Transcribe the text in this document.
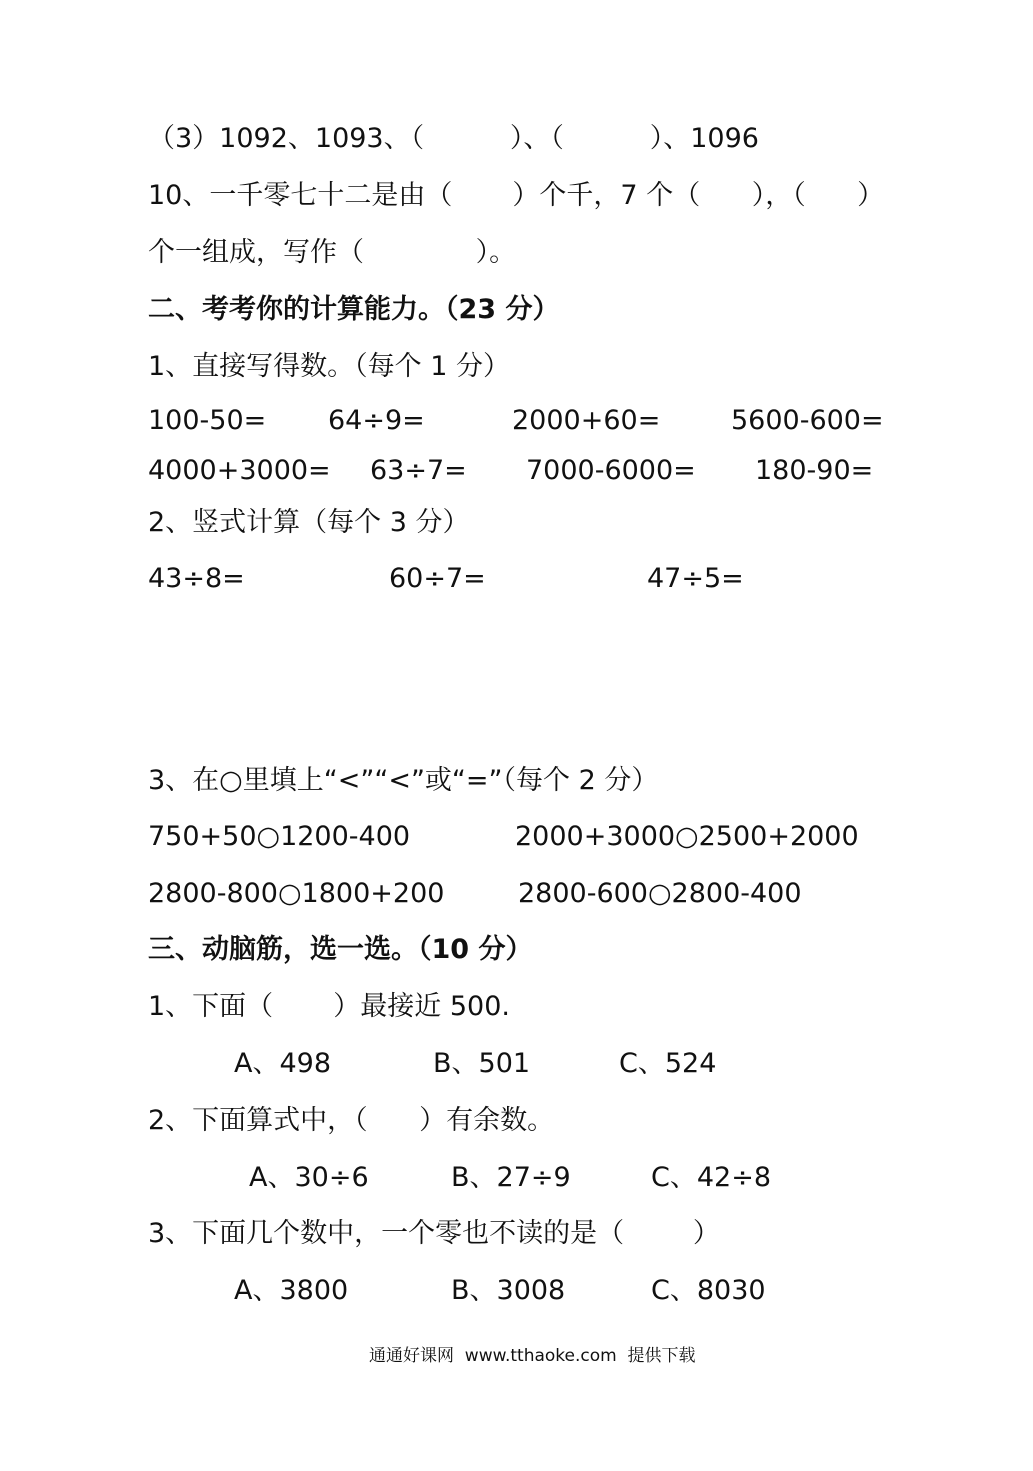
（3）1092、1093、（          ）、（          ）、1096
10、一千零七十二是由（       ）个千，7 个（      ），（      ）
个一组成，写作（             ）。
二、考考你的计算能力。（23 分）
1、直接写得数。（每个 1 分）
100-50= 64÷9=	2000+60=	5600-600=
4000+3000= 63÷7= 7000-6000= 180-90=
2、竖式计算（每个 3 分）
43÷8=	60÷7=	47÷5=
3、在○里填上“<”“<”或“=”（每个 2 分）
750+50○1200-400	2000+3000○2500+2000
2800-800○1800+200	2800-600○2800-400
三、动脑筋，选一选。（10 分）
1、下面（       ）最接近 500.
A、498	B、501	C、524
2、下面算式中，（      ）有余数。
A、30÷6	B、27÷9	C、42÷8
3、下面几个数中，一个零也不读的是（        ）
A、3800	B、3008	C、8030
通通好课网  www.tthaoke.com  提供下载
